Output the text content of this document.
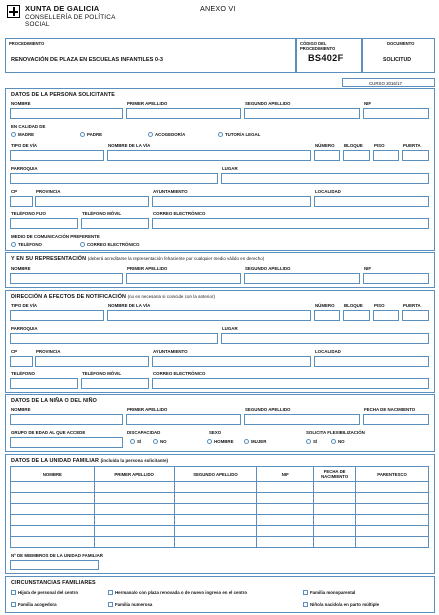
XUNTA DE GALICIA
CONSELLERÍA DE POLÍTICA
SOCIAL
ANEXO VI
PROCEDIMIENTO
RENOVACIÓN DE PLAZA EN ESCUELAS INFANTILES 0-3
CÓDIGO DEL PROCEDIMIENTO
BS402F
DOCUMENTO
SOLICITUD
CURSO 2016/17
DATOS DE LA PERSONA SOLICITANTE
NOMBRE	PRIMER APELLIDO	SEGUNDO APELLIDO	NIF
EN CALIDAD DE
MADRE	PADRE	ACOGEDOR/A	TUTOR/A LEGAL
TIPO DE VÍA	NOMBRE DE LA VÍA	NÚMERO BLOQUE	PISO	PUERTA
PARROQUIA	LUGAR
CP	PROVINCIA	AYUNTAMIENTO	LOCALIDAD
TELÉFONO FIJO	TELÉFONO MÓVIL	CORREO ELECTRÓNICO
MEDIO DE COMUNICACIÓN PREFERENTE
TELÉFONO	CORREO ELECTRÓNICO
Y EN SU REPRESENTACIÓN (deberá acreditarse la representación fehaciente por cualquier medio válido en derecho)
NOMBRE	PRIMER APELLIDO	SEGUNDO APELLIDO	NIF
DIRECCIÓN A EFECTOS DE NOTIFICACIÓN (no es necesaria si coincide con la anterior)
TIPO DE VÍA	NOMBRE DE LA VÍA	NÚMERO BLOQUE	PISO	PUERTA
PARROQUIA	LUGAR
CP	PROVINCIA	AYUNTAMIENTO	LOCALIDAD
TELÉFONO	TELÉFONO MÓVIL	CORREO ELECTRÓNICO
DATOS DE LA NIÑA O DEL NIÑO
NOMBRE	PRIMER APELLIDO	SEGUNDO APELLIDO	FECHA DE NACIMIENTO
GRUPO DE EDAD AL QUE ACCEDE	DISCAPACIDAD	SEXO	SOLICITA FLEXIBILIZACIÓN
SÍ	NO	HOMBRE	MUJER	SÍ	NO
DATOS DE LA UNIDAD FAMILIAR (incluida la persona solicitante)
NOMBRE	PRIMER APELLIDO	SEGUNDO APELLIDO	NIF	FECHA DE NACIMIENTO	PARENTESCO

Nº DE MIEMBROS DE LA UNIDAD FAMILIAR
CIRCUNSTANCIAS FAMILIARES
Hijo/a de personal del centro	Hermana/o con plaza renovada o de nuevo ingreso en el centro	Familia monoparental
Familia acogedora	Familia numerosa	Niño/a nacido/a en parto múltiple
